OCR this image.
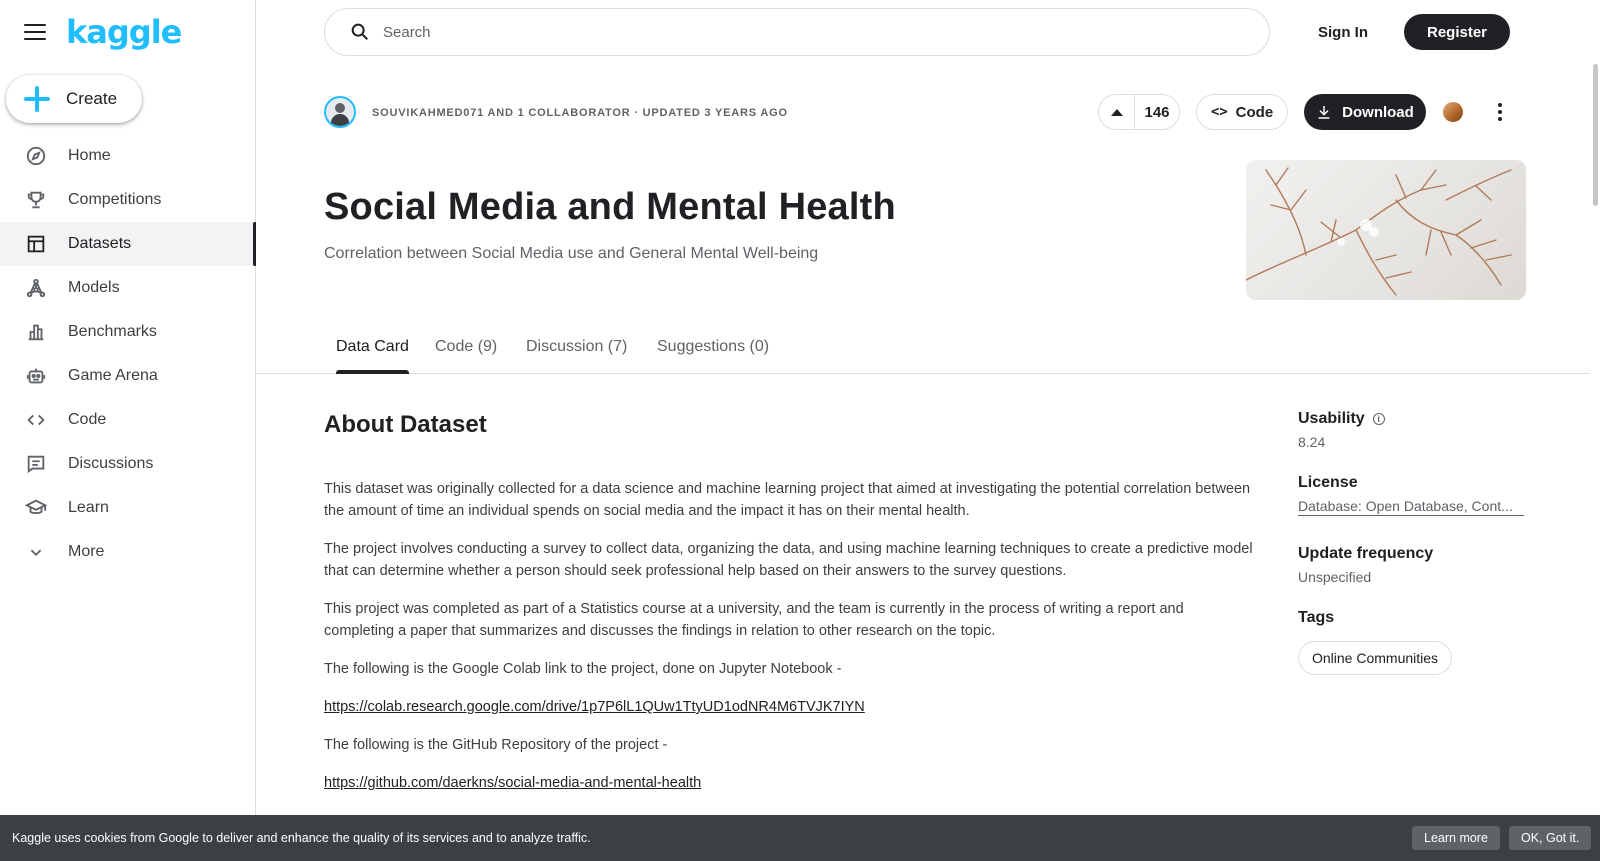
kaggle
Create
Home
Competitions
Datasets
Models
Benchmarks
Game Arena
Code
Discussions
Learn
More
Search
Sign In	Register
SOUVIKAHMED071 AND 1 COLLABORATOR · UPDATED 3 YEARS AGO	146	<> Code	Download
Social Media and Mental Health
Correlation between Social Media use and General Mental Well-being
Data Card Code (9) Discussion (7) Suggestions (0)
About Dataset

This dataset was originally collected for a data science and machine learning project that aimed at investigating the potential correlation between the amount of time an individual spends on social media and the impact it has on their mental health.

The project involves conducting a survey to collect data, organizing the data, and using machine learning techniques to create a predictive model that can determine whether a person should seek professional help based on their answers to the survey questions.

This project was completed as part of a Statistics course at a university, and the team is currently in the process of writing a report and completing a paper that summarizes and discusses the findings in relation to other research on the topic.

The following is the Google Colab link to the project, done on Jupyter Notebook -

https://colab.research.google.com/drive/1p7P6lL1QUw1TtyUD1odNR4M6TVJK7IYN

The following is the GitHub Repository of the project -

https://github.com/daerkns/social-media-and-mental-health

Usability	i
8.24
License
Database: Open Database, Cont...
Update frequency
Unspecified
Tags
Online Communities
Kaggle uses cookies from Google to deliver and enhance the quality of its services and to analyze traffic.	Learn more	OK, Got it.
